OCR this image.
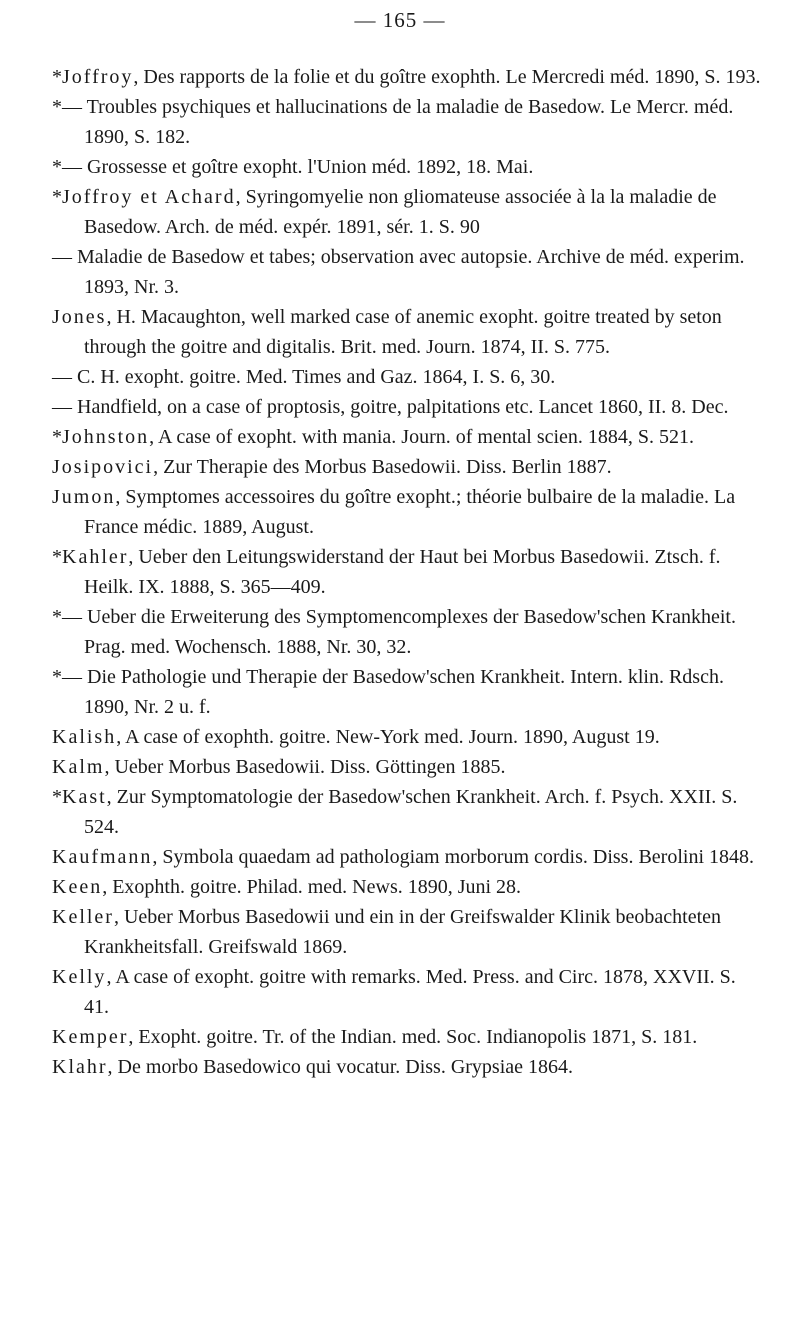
— 165 —

*Joffroy, Des rapports de la folie et du goître exophth. Le Mercredi méd. 1890, S. 193.

*— Troubles psychiques et hallucinations de la maladie de Basedow. Le Mercr. méd. 1890, S. 182.

*— Grossesse et goître exopht. l'Union méd. 1892, 18. Mai.

*Joffroy et Achard, Syringomyelie non gliomateuse associée à la la maladie de Basedow. Arch. de méd. expér. 1891, sér. 1. S. 90

— Maladie de Basedow et tabes; observation avec autopsie. Archive de méd. experim. 1893, Nr. 3.

Jones, H. Macaughton, well marked case of anemic exopht. goitre treated by seton through the goitre and digitalis. Brit. med. Journ. 1874, II. S. 775.

— C. H. exopht. goitre. Med. Times and Gaz. 1864, I. S. 6, 30.

— Handfield, on a case of proptosis, goitre, palpitations etc. Lancet 1860, II. 8. Dec.

*Johnston, A case of exopht. with mania. Journ. of mental scien. 1884, S. 521.

Josipovici, Zur Therapie des Morbus Basedowii. Diss. Berlin 1887.

Jumon, Symptomes accessoires du goître exopht.; théorie bulbaire de la maladie. La France médic. 1889, August.

*Kahler, Ueber den Leitungswiderstand der Haut bei Morbus Basedowii. Ztsch. f. Heilk. IX. 1888, S. 365—409.

*— Ueber die Erweiterung des Symptomencomplexes der Basedow'schen Krankheit. Prag. med. Wochensch. 1888, Nr. 30, 32.

*— Die Pathologie und Therapie der Basedow'schen Krankheit. Intern. klin. Rdsch. 1890, Nr. 2 u. f.

Kalish, A case of exophth. goitre. New-York med. Journ. 1890, August 19.

Kalm, Ueber Morbus Basedowii. Diss. Göttingen 1885.

*Kast, Zur Symptomatologie der Basedow'schen Krankheit. Arch. f. Psych. XXII. S. 524.

Kaufmann, Symbola quaedam ad pathologiam morborum cordis. Diss. Berolini 1848.

Keen, Exophth. goitre. Philad. med. News. 1890, Juni 28.

Keller, Ueber Morbus Basedowii und ein in der Greifswalder Klinik beobachteten Krankheitsfall. Greifswald 1869.

Kelly, A case of exopht. goitre with remarks. Med. Press. and Circ. 1878, XXVII. S. 41.

Kemper, Exopht. goitre. Tr. of the Indian. med. Soc. Indianopolis 1871, S. 181.

Klahr, De morbo Basedowico qui vocatur. Diss. Grypsiae 1864.
